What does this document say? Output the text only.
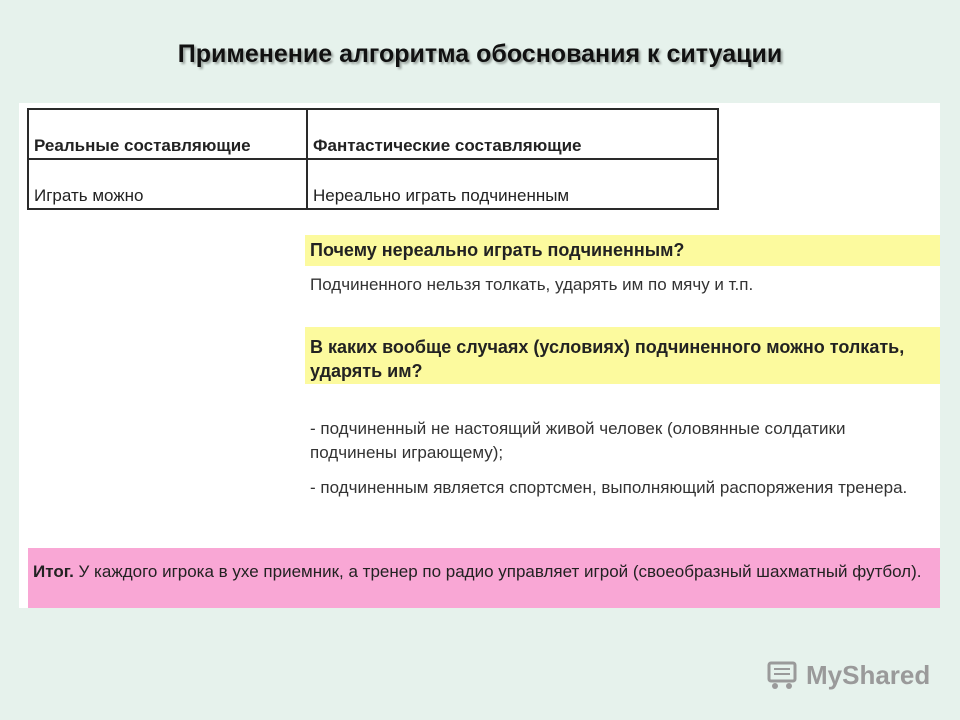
Применение алгоритма обоснования к ситуации
Реальные составляющие	Фантастические составляющие
Играть можно	Нереально играть подчиненным
Почему нереально играть подчиненным?
Подчиненного нельзя толкать, ударять им по мячу и т.п.
В каких вообще случаях (условиях) подчиненного можно толкать, ударять им?
- подчиненный не настоящий живой человек (оловянные солдатики подчинены играющему);
- подчиненным является спортсмен, выполняющий распоряжения тренера.
Итог. У каждого игрока в ухе приемник, а тренер по радио управляет игрой (своеобразный шахматный футбол).
MyShared
